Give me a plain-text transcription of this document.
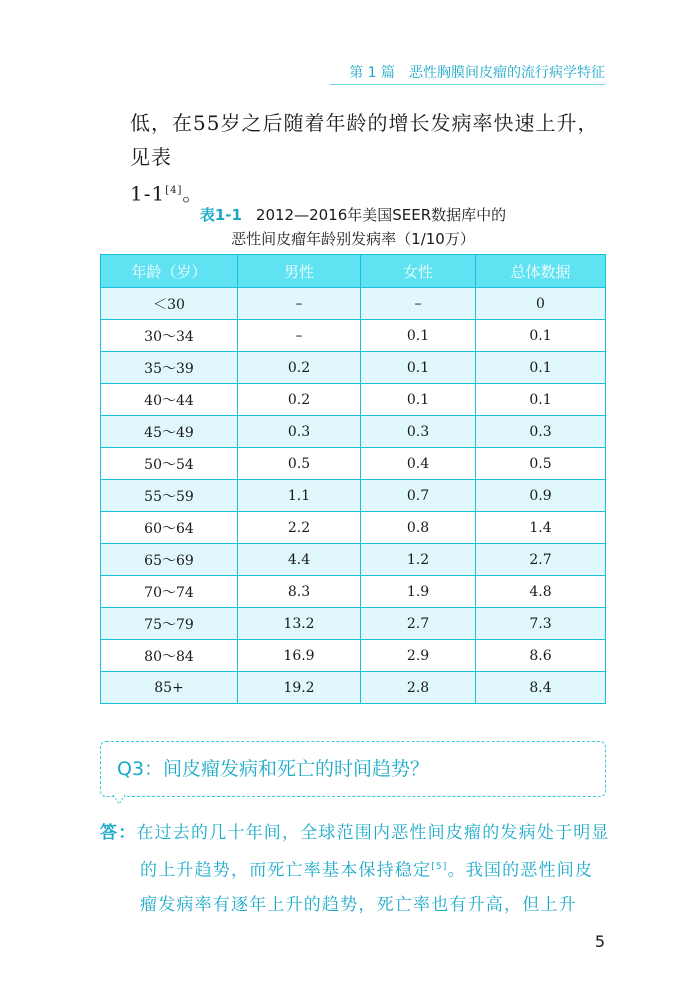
第 1 篇 恶性胸膜间皮瘤的流行病学特征
低，在55岁之后随着年龄的增长发病率快速上升，见表
1-1[4]。
表1-1 2012—2016年美国SEER数据库中的
恶性间皮瘤年龄别发病率（1/10万）
年龄（岁）	男性	女性	总体数据
＜30	–	–	0
30～34	–	0.1	0.1
35～39	0.2	0.1	0.1
40～44	0.2	0.1	0.1
45～49	0.3	0.3	0.3
50～54	0.5	0.4	0.5
55～59	1.1	0.7	0.9
60～64	2.2	0.8	1.4
65～69	4.4	1.2	2.7
70～74	8.3	1.9	4.8
75～79	13.2	2.7	7.3
80～84	16.9	2.9	8.6
85+	19.2	2.8	8.4
Q3：间皮瘤发病和死亡的时间趋势？
答：在过去的几十年间，全球范围内恶性间皮瘤的发病处于明显的上升趋势，而死亡率基本保持稳定[5]。我国的恶性间皮瘤发病率有逐年上升的趋势，死亡率也有升高，但上升
5
